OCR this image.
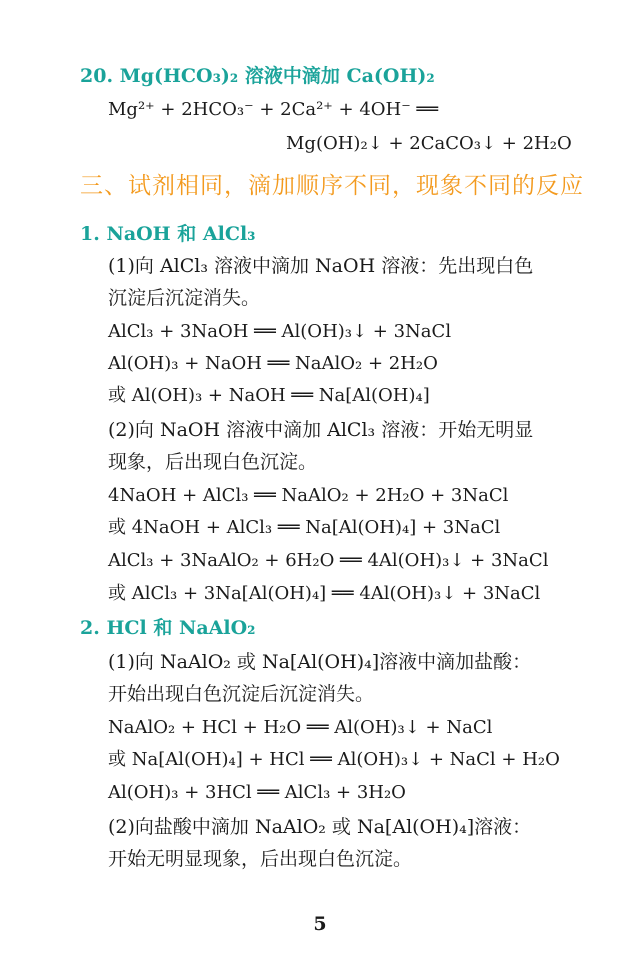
20. Mg(HCO₃)₂ 溶液中滴加 Ca(OH)₂
Mg²⁺ + 2HCO₃⁻ + 2Ca²⁺ + 4OH⁻ ══
Mg(OH)₂↓ + 2CaCO₃↓ + 2H₂O
三、试剂相同，滴加顺序不同，现象不同的反应
1. NaOH 和 AlCl₃
(1)向 AlCl₃ 溶液中滴加 NaOH 溶液：先出现白色
沉淀后沉淀消失。
AlCl₃ + 3NaOH ══ Al(OH)₃↓ + 3NaCl
Al(OH)₃ + NaOH ══ NaAlO₂ + 2H₂O
或 Al(OH)₃ + NaOH ══ Na[Al(OH)₄]
(2)向 NaOH 溶液中滴加 AlCl₃ 溶液：开始无明显
现象，后出现白色沉淀。
4NaOH + AlCl₃ ══ NaAlO₂ + 2H₂O + 3NaCl
或 4NaOH + AlCl₃ ══ Na[Al(OH)₄] + 3NaCl
AlCl₃ + 3NaAlO₂ + 6H₂O ══ 4Al(OH)₃↓ + 3NaCl
或 AlCl₃ + 3Na[Al(OH)₄] ══ 4Al(OH)₃↓ + 3NaCl
2. HCl 和 NaAlO₂
(1)向 NaAlO₂ 或 Na[Al(OH)₄]溶液中滴加盐酸：
开始出现白色沉淀后沉淀消失。
NaAlO₂ + HCl + H₂O ══ Al(OH)₃↓ + NaCl
或 Na[Al(OH)₄] + HCl ══ Al(OH)₃↓ + NaCl + H₂O
Al(OH)₃ + 3HCl ══ AlCl₃ + 3H₂O
(2)向盐酸中滴加 NaAlO₂ 或 Na[Al(OH)₄]溶液：
开始无明显现象，后出现白色沉淀。
5
